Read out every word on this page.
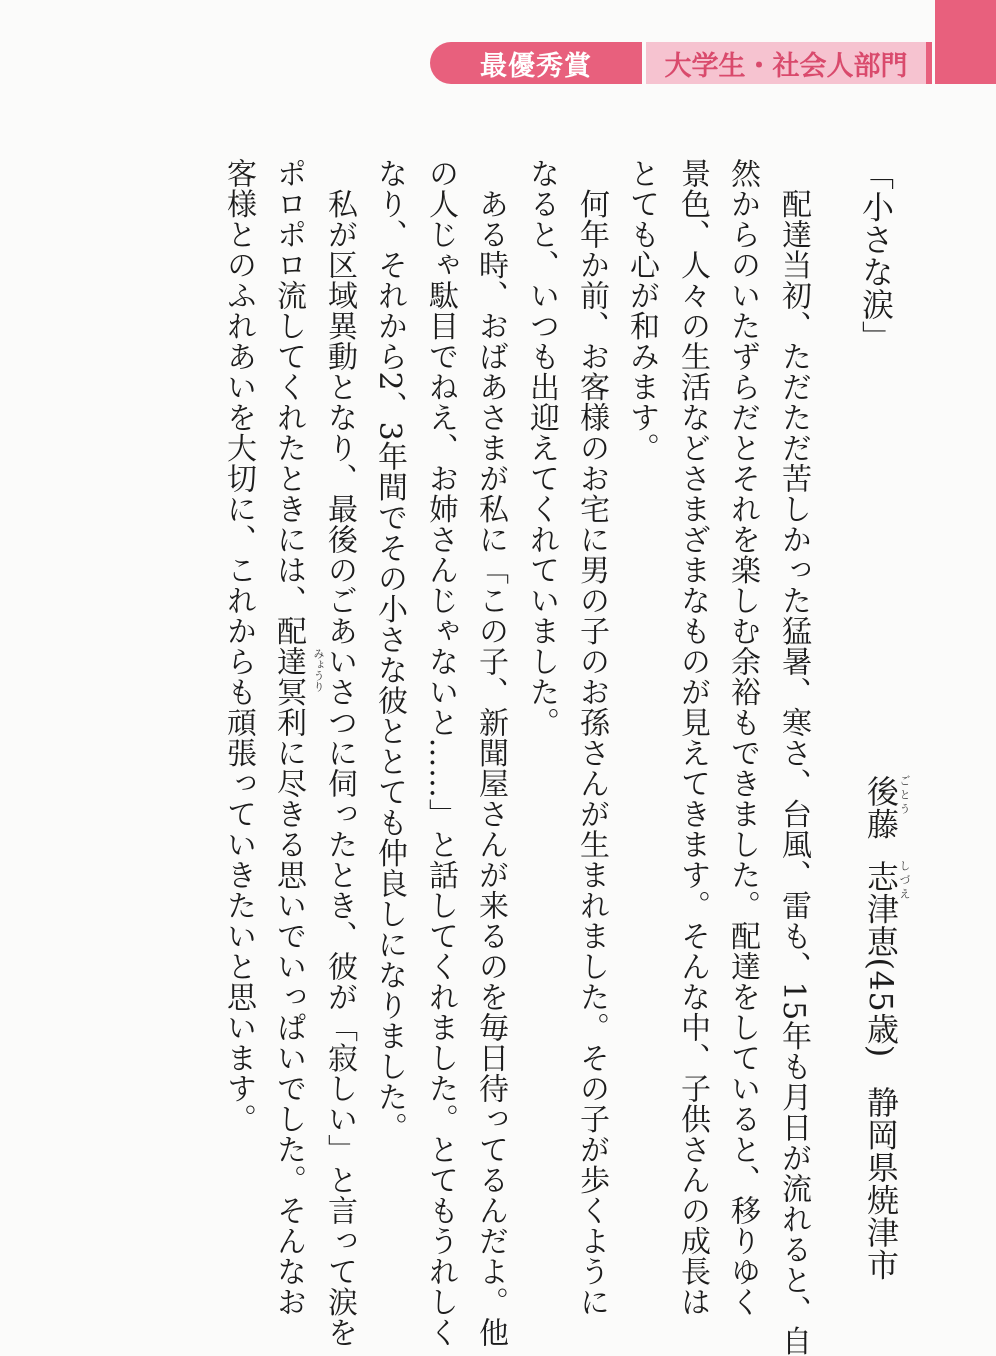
最優秀賞	大学生・社会人部門
「小さな涙」
後藤
ごとう
志津恵
しづえ
(45歳)静岡県焼津市
　配達当初、ただただ苦しかった猛暑、寒さ、台風、雷も、15年も月日が流れると、自
然からのいたずらだとそれを楽しむ余裕もできました。配達をしていると、移りゆく
景色、人々の生活などさまざまなものが見えてきます。そんな中、子供さんの成長は
とても心が和みます。
　何年か前、お客様のお宅に男の子のお孫さんが生まれました。その子が歩くように
なると、いつも出迎えてくれていました。
　ある時、おばあさまが私に「この子、新聞屋さんが来るのを毎日待ってるんだよ。他
の人じゃ駄目でねえ、お姉さんじゃないと……」と話してくれました。とてもうれしく
なり、それから2、3年間でその小さな彼ととても仲良しになりました。
　私が区域異動となり、最後のごあいさつに伺ったとき、彼が「寂しい」と言って涙を
ポロポロ流してくれたときには、配達冥利に尽きる思いでいっぱいでした。そんなお
客様とのふれあいを大切に、これからも頑張っていきたいと思います。	みょうり
